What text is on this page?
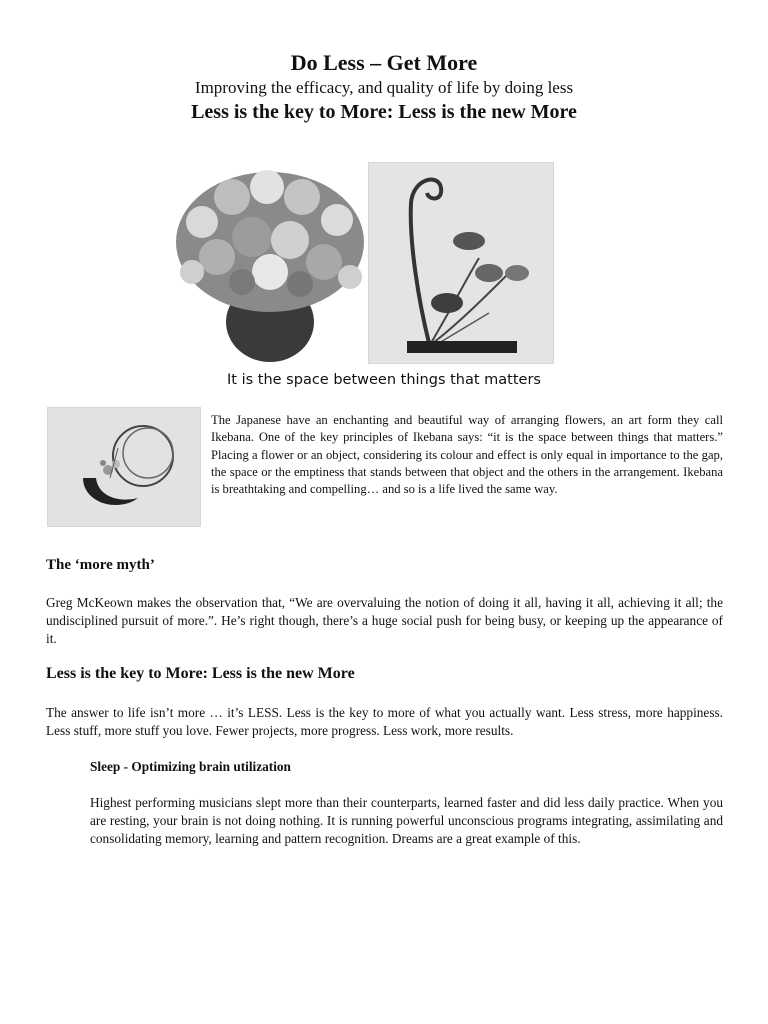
Do Less – Get More
Improving the efficacy, and quality of life by doing less
Less is the key to More: Less is the new More
It is the space between things that matters
The Japanese have an enchanting and beautiful way of arranging flowers, an art form they call Ikebana. One of the key principles of Ikebana says: “it is the space between things that matters.” Placing a flower or an object, considering its colour and effect is only equal in importance to the gap, the space or the emptiness that stands between that object and the others in the arrangement. Ikebana is breathtaking and compelling… and so is a life lived the same way.
The ‘more myth’
Greg McKeown makes the observation that, “We are overvaluing the notion of doing it all, having it all, achieving it all; the undisciplined pursuit of more.”. He’s right though, there’s a huge social push for being busy, or keeping up the appearance of it.
Less is the key to More: Less is the new More
The answer to life isn’t more … it’s LESS. Less is the key to more of what you actually want. Less stress, more happiness. Less stuff, more stuff you love. Fewer projects, more progress. Less work, more results.
Sleep - Optimizing brain utilization
Highest performing musicians slept more than their counterparts, learned faster and did less daily practice. When you are resting, your brain is not doing nothing. It is running powerful unconscious programs integrating, assimilating and consolidating memory, learning and pattern recognition. Dreams are a great example of this.
